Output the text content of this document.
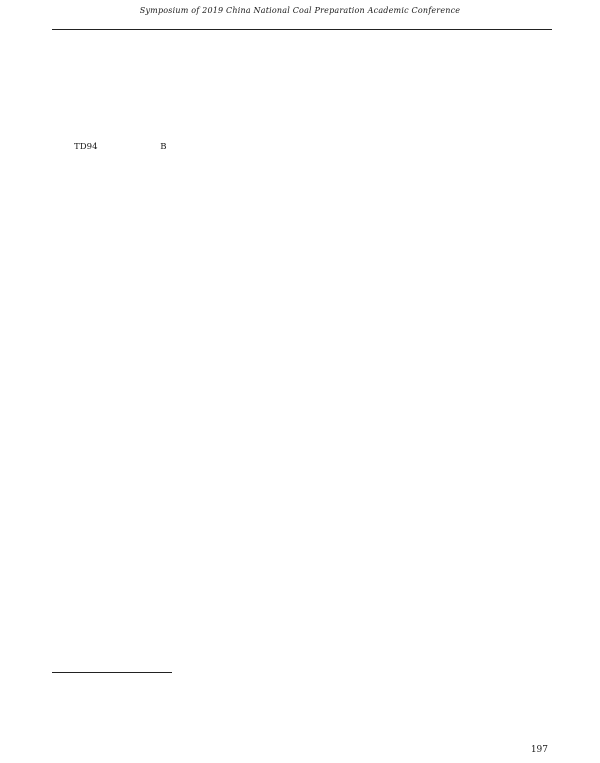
Symposium of 2019 China National Coal Preparation Academic Conference

TD94	B

197
